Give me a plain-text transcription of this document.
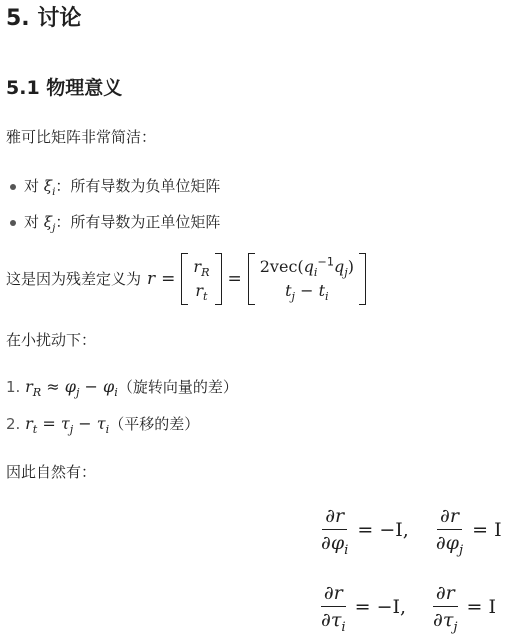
5. 讨论
5.1 物理意义
雅可比矩阵非常简洁：
对 $\xi_i$：所有导数为负单位矩阵
对 $\xi_j$：所有导数为正单位矩阵
这是因为残差定义为 r =
$r_R$
$r_t$
=
$2vec(q_i^{-1}q_j)$
$t_j - t_i$
在小扰动下：
1. $r_R \approx \varphi_j - \varphi_i$（旋转向量的差）
2. $r_t = \tau_j - \tau_i$（平移的差）
因此自然有：
$\frac{\partial r}{\partial\varphi_i} = -I$, $\frac{\partial r}{\partial\varphi_j} = I$
$\frac{\partial r}{\partial\tau_i} = -I$, $\frac{\partial r}{\partial\tau_j} = I$
